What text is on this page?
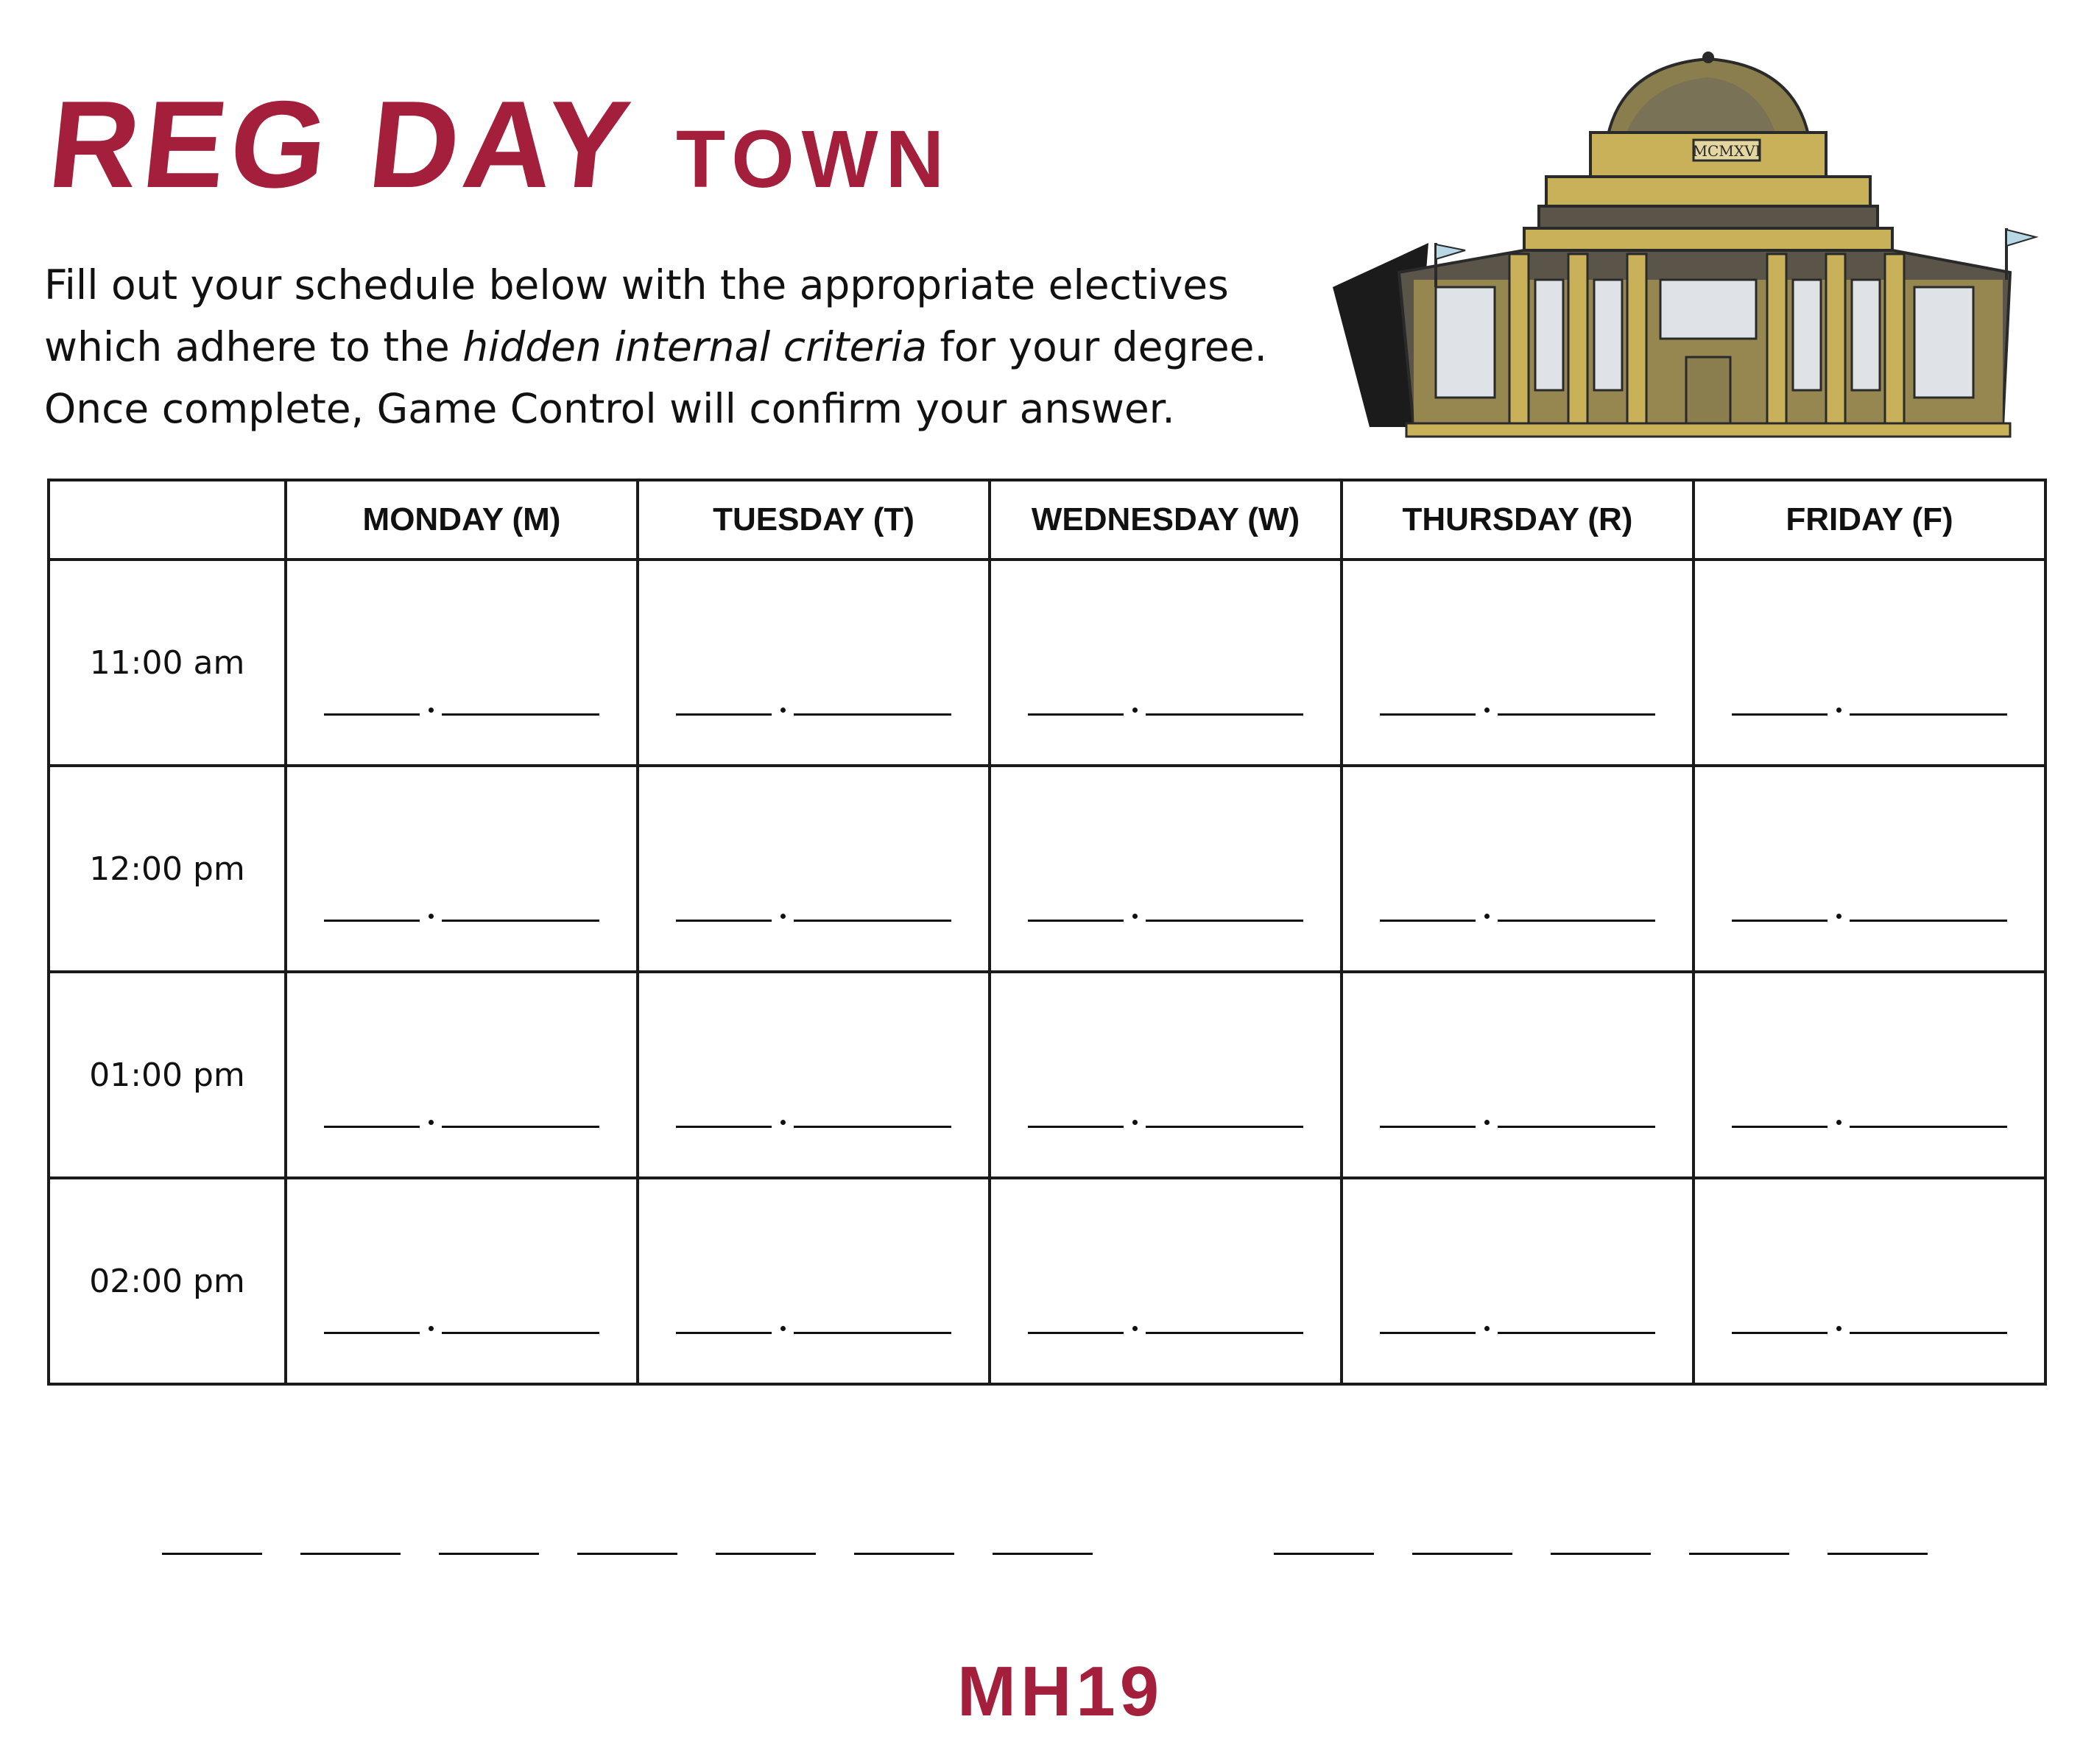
REG DAY TOWN
Fill out your schedule below with the appropriate electives
which adhere to the hidden internal criteria for your degree.
Once complete, Game Control will confirm your answer.
MCMXVI
	MONDAY (M)	TUESDAY (T)	WEDNESDAY (W)	THURSDAY (R)	FRIDAY (F)
11:00 am	

12:00 pm	

01:00 pm	

02:00 pm	

MH19
